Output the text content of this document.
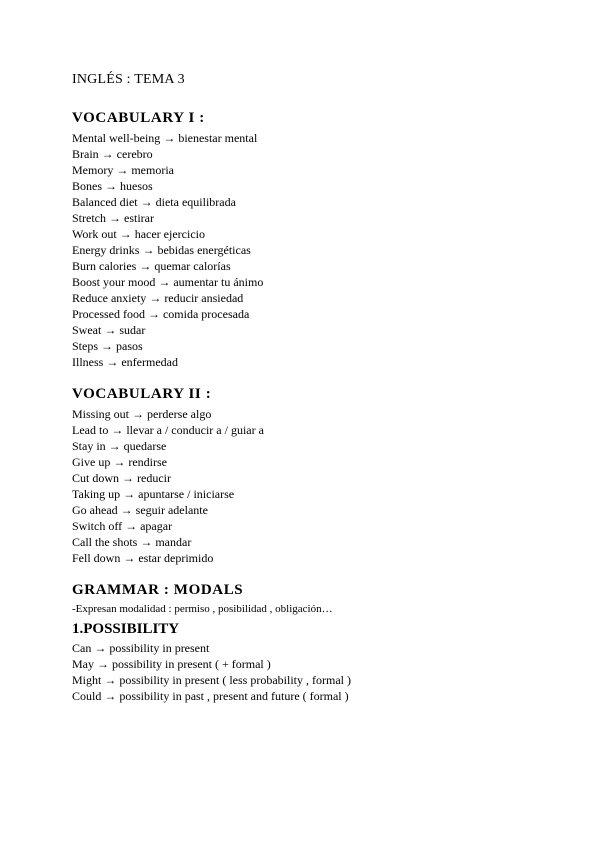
INGLÉS : TEMA 3
VOCABULARY I :
Mental well-being → bienestar mental
Brain → cerebro
Memory → memoria
Bones → huesos
Balanced diet → dieta equilibrada
Stretch → estirar
Work out → hacer ejercicio
Energy drinks → bebidas energéticas
Burn calories → quemar calorías
Boost your mood → aumentar tu ánimo
Reduce anxiety → reducir ansiedad
Processed food → comida procesada
Sweat → sudar
Steps → pasos
Illness → enfermedad
VOCABULARY II :
Missing out → perderse algo
Lead to → llevar a / conducir a / guiar a
Stay in → quedarse
Give up → rendirse
Cut down → reducir
Taking up → apuntarse / iniciarse
Go ahead → seguir adelante
Switch off → apagar
Call the shots → mandar
Fell down → estar deprimido
GRAMMAR : MODALS
-Expresan modalidad : permiso , posibilidad , obligación…
1.POSSIBILITY
Can → possibility in present
May → possibility in present ( + formal )
Might → possibility in present ( less probability , formal )
Could → possibility in past , present and future ( formal )
